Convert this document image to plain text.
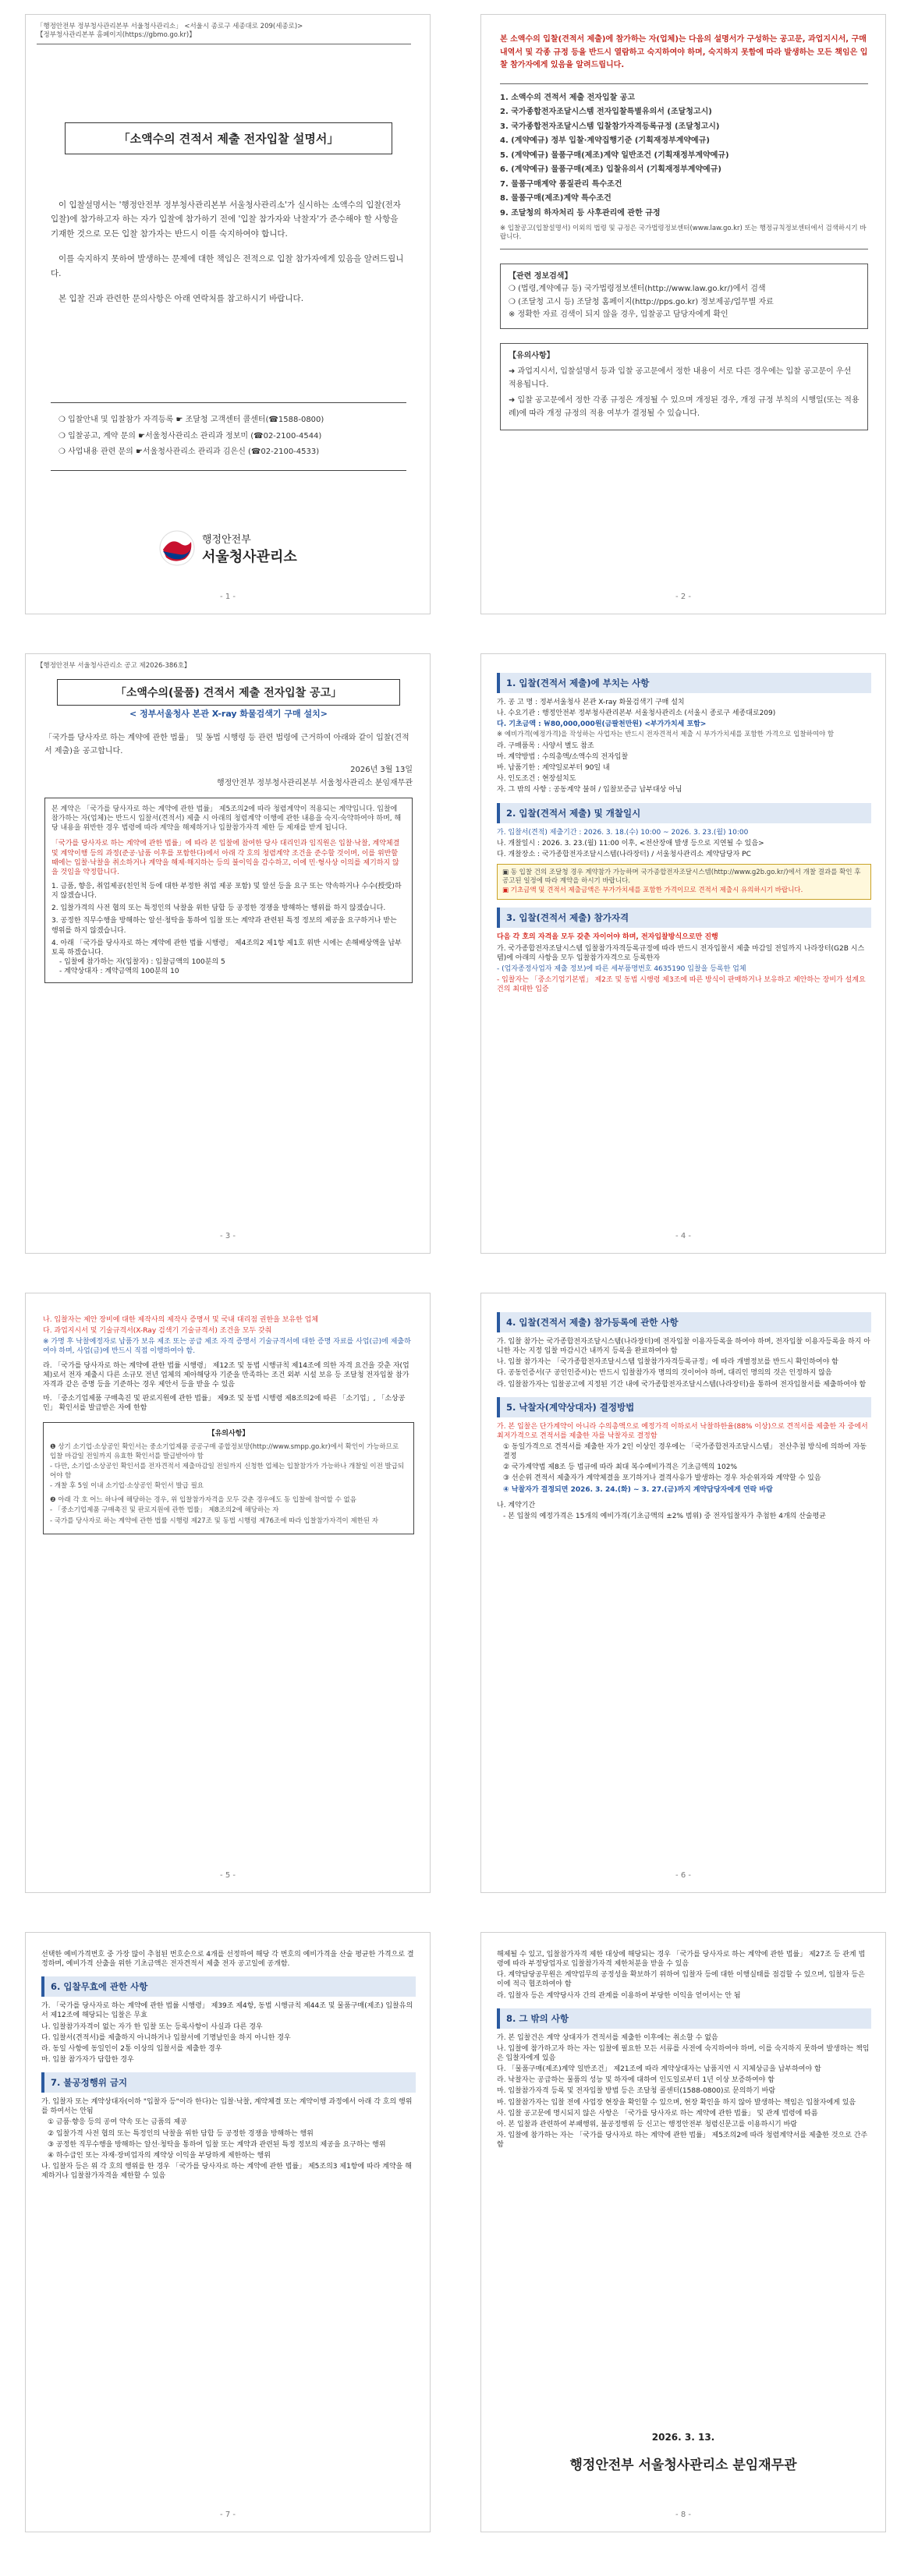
「행정안전부 정부청사관리본부 서울청사관리소」 <서울시 종로구 세종대로 209(세종로)>
【정부청사관리본부 홈페이지(https://gbmo.go.kr)】
「소액수의 견적서 제출 전자입찰 설명서」

이 입찰설명서는 '행정안전부 정부청사관리본부 서울청사관리소'가 실시하는 소액수의 입찰(전자입찰)에 참가하고자 하는 자가 입찰에 참가하기 전에 '입찰 참가자와 낙찰자'가 준수해야 할 사항을 기재한 것으로 모든 입찰 참가자는 반드시 이를 숙지하여야 합니다.

이를 숙지하지 못하여 발생하는 문제에 대한 책임은 전적으로 입찰 참가자에게 있음을 알려드립니다.

본 입찰 건과 관련한 문의사항은 아래 연락처를 참고하시기 바랍니다.

❍ 입찰안내 및 입찰참가 자격등록 ☛ 조달청 고객센터 콜센터(☎1588-0800)
❍ 입찰공고, 계약 문의 ☛서울청사관리소 관리과 정보미 (☎02-2100-4544)
❍ 사업내용 관련 문의 ☛서울청사관리소 관리과 김은신 (☎02-2100-4533)
행정안전부
서울청사관리소
- 1 -

본 소액수의 입찰(견적서 제출)에 참가하는 자(업체)는 다음의 설명서가 구성하는 공고문, 과업지시서, 구매내역서 및 각종 규정 등을 반드시 열람하고 숙지하여야 하며, 숙지하지 못함에 따라 발생하는 모든 책임은 입찰 참가자에게 있음을 알려드립니다.

1. 소액수의 견적서 제출 전자입찰 공고
2. 국가종합전자조달시스템 전자입찰특별유의서 (조달청고시)
3. 국가종합전자조달시스템 입찰참가자격등록규정 (조달청고시)
4. (계약예규) 정부 입찰·계약집행기준 (기획재정부계약예규)
5. (계약예규) 물품구매(제조)계약 일반조건 (기획재정부계약예규)
6. (계약예규) 물품구매(제조) 입찰유의서 (기획재정부계약예규)
7. 물품구매계약 품질관리 특수조건
8. 물품구매(제조)계약 특수조건
9. 조달청의 하자처리 등 사후관리에 관한 규정
※ 입찰공고(입찰설명서) 이외의 법령 및 규정은 국가법령정보센터(www.law.go.kr) 또는 행정규칙정보센터에서 검색하시기 바랍니다.
【관련 정보검색】
❍ (법령,계약예규 등) 국가법령정보센터(http://www.law.go.kr/)에서 검색
❍ (조달청 고시 등) 조달청 홈페이지(http://pps.go.kr) 정보제공/업무별 자료
※ 정확한 자료 검색이 되지 않을 경우, 입찰공고 담당자에게 확인
【유의사항】
➜ 과업지시서, 입찰설명서 등과 입찰 공고문에서 정한 내용이 서로 다른 경우에는 입찰 공고문이 우선 적용됩니다.
➜ 입찰 공고문에서 정한 각종 규정은 개정될 수 있으며 개정된 경우, 개정 규정 부칙의 시행일(또는 적용례)에 따라 개정 규정의 적용 여부가 결정될 수 있습니다.
- 2 -
【행정안전부 서울청사관리소 공고 제2026-386호】
「소액수의(물품) 견적서 제출 전자입찰 공고」
< 정부서울청사 본관 X-ray 화물검색기 구매 설치>

「국가를 당사자로 하는 계약에 관한 법률」 및 동법 시행령 등 관련 법령에 근거하여 아래와 같이 입찰(견적서 제출)을 공고합니다.

2026년 3월 13일

행정안전부 정부청사관리본부 서울청사관리소 분임재무관

본 계약은 「국가를 당사자로 하는 계약에 관한 법률」 제5조의2에 따라 청렴계약이 적용되는 계약입니다. 입찰에 참가하는 자(업체)는 반드시 입찰서(견적서) 제출 시 아래의 청렴계약 이행에 관한 내용을 숙지·숙약하여야 하며, 해당 내용을 위반한 경우 법령에 따라 계약을 해제하거나 입찰참가자격 제한 등 제재를 받게 됩니다.

「국가를 당사자로 하는 계약에 관한 법률」에 따라 본 입찰에 참여한 당사 대리인과 임직원은 입찰·낙찰, 계약체결 및 계약이행 등의 과정(준공·납품 이후를 포함한다)에서 아래 각 호의 청렴계약 조건을 준수할 것이며, 이를 위반할 때에는 입찰·낙찰을 취소하거나 계약을 해제·해지하는 등의 불이익을 감수하고, 이에 민·형사상 이의를 제기하지 않을 것임을 약정합니다.

1. 금품, 향응, 취업제공(친인척 등에 대한 부정한 취업 제공 포함) 및 알선 등을 요구 또는 약속하거나 수수(授受)하지 않겠습니다.

2. 입찰가격의 사전 협의 또는 특정인의 낙찰을 위한 담합 등 공정한 경쟁을 방해하는 행위를 하지 않겠습니다.

3. 공정한 직무수행을 방해하는 알선·청탁을 통하여 입찰 또는 계약과 관련된 특정 정보의 제공을 요구하거나 받는 행위를 하지 않겠습니다.

4. 아래 「국가를 당사자로 하는 계약에 관한 법률 시행령」 제4조의2 제1항 제1호 위반 시에는 손해배상액을 납부토록 하겠습니다.

- 입찰에 참가하는 자(입찰자) : 입찰금액의 100분의 5

- 계약상대자 : 계약금액의 100분의 10

- 3 -
1. 입찰(견적서 제출)에 부치는 사항
가. 공 고 명 : 정부서울청사 본관 X-ray 화물검색기 구매 설치
나. 수요기관 : 행정안전부 정부청사관리본부 서울청사관리소 (서울시 종로구 세종대로209)
다. 기초금액 : ￦80,000,000원(금팔천만원) <부가가치세 포함>
※ 예비가격(예정가격)을 작성하는 사업자는 반드시 전자견적서 제출 시 부가가치세를 포함한 가격으로 입찰하여야 함
라. 구매품목 : 사양서 별도 참조
마. 계약방법 : 수의총액/소액수의 전자입찰
바. 납품기한 : 계약일로부터 90일 내
사. 인도조건 : 현장설치도
자. 그 밖의 사항 : 공동계약 불허 / 입찰보증금 납부대상 아님
2. 입찰(견적서 제출) 및 개찰일시
가. 입찰서(견적) 제출기간 : 2026. 3. 18.(수) 10:00 ~ 2026. 3. 23.(월) 10:00
나. 개찰일시 : 2026. 3. 23.(월) 11:00 이후, <전산장애 발생 등으로 지연될 수 있음>
다. 개찰장소 : 국가종합전자조달시스템(나라장터) / 서울청사관리소 계약담당자 PC
▣ 동 입찰 건의 조달청 경우 계약참가 가능하며 국가종합전자조달시스템(http://www.g2b.go.kr/)에서 개찰 결과를 확인 후 공고된 일정에 따라 계약을 하시기 바랍니다.
▣ 기초금액 및 견적서 제출금액은 부가가치세를 포함한 가격이므로 견적서 제출시 유의하시기 바랍니다.
3. 입찰(견적서 제출) 참가자격
다음 각 호의 자격을 모두 갖춘 자이어야 하며, 전자입찰방식으로만 진행
가. 국가종합전자조달시스템 입찰참가자격등록규정에 따라 반드시 전자입찰서 제출 마감일 전일까지 나라장터(G2B 시스템)에 아래의 사항을 모두 입찰참가자격으로 등록한자
- (업자종정사업자 제출 정보)에 따른 세부품명번호 4635190 입찰을 등록한 업체
- 입찰자는 「중소기업기본법」 제2조 및 동법 시행령 제3조에 따른 방식이 판매하거나 보유하고 제안하는 장비가 설계요건의 최대한 입증
- 4 -
나. 입찰자는 제안 장비에 대한 제작사의 제작사 증명서 및 국내 대리점 권한을 보유한 업체
다. 과업지시서 및 기술규격서(X-Ray 검색기 기술규격서) 조건을 모두 갖춰
※ 가명 후 낙찰예정자로 납품가 보유 제조 또는 공급 제조 자격 증명서 기술규격서에 대한 증명 자료를 사업(금)에 제출하여야 하며, 사업(금)에 반드시 직접 이행하여야 함.
라. 「국가를 당사자로 하는 계약에 관한 법률 시행령」 제12조 및 동법 시행규칙 제14조에 의한 자격 요건을 갖춘 자(업체)로서 전자 제출시 다른 소규모 전년 업체의 제아해당자 기준을 만족하는 조건 외부 시설 보유 등 조달청 전자입찰 참가 자격과 같은 증명 등을 기준하는 경우 제안서 등을 받을 수 있음
마. 「중소기업제품 구매촉진 및 판로지원에 관한 법률」 제9조 및 동법 시행령 제8조의2에 따른 「소기업」, 「소상공인」 확인서를 발급받은 자에 한함
【유의사항】
❶ 상기 소기업·소상공인 확인서는 중소기업제품 공공구매 종합정보망(http://www.smpp.go.kr)에서 확인이 가능하므로 입찰 마감일 전일까지 유효한 확인서를 발급받아야 함
- 다만, 소기업·소상공인 확인서를 전자견적서 제출마감일 전일까지 신청한 업체는 입찰참가가 가능하나 개찰일 이전 발급되어야 함
- 개찰 후 5일 이내 소기업·소상공인 확인서 발급 필요
❷ 아래 각 호 어느 하나에 해당하는 경우, 위 입찰참가자격을 모두 갖춘 경우에도 동 입찰에 참여할 수 없음
- 「중소기업제품 구매촉진 및 판로지원에 관한 법률」 제8조의2에 해당하는 자
- 국가를 당사자로 하는 계약에 관한 법률 시행령 제27조 및 동법 시행령 제76조에 따라 입찰참가자격이 제한된 자
- 5 -
4. 입찰(견적서 제출) 참가등록에 관한 사항
가. 입찰 참가는 국가종합전자조달시스템(나라장터)에 전자입찰 이용자등록을 하여야 하며, 전자입찰 이용자등록을 하지 아니한 자는 지정 입찰 마감시간 내까지 등록을 완료하여야 함
나. 입찰 참가자는 「국가종합전자조달시스템 입찰참가자격등록규정」에 따라 개별정보를 반드시 확인하여야 함
다. 공동인증서(구 공인인증서)는 반드시 입찰참가자 명의의 것이어야 하며, 대리인 명의의 것은 인정하지 않음
라. 입찰참가자는 입찰공고에 지정된 기간 내에 국가종합전자조달시스템(나라장터)을 통하여 전자입찰서를 제출하여야 함
5. 낙찰자(계약상대자) 결정방법
가. 본 입찰은 단가계약이 아니라 수의총액으로 예정가격 이하로서 낙찰하한율(88% 이상)으로 견적서를 제출한 자 중에서 최저가격으로 견적서를 제출한 자를 낙찰자로 결정함
① 동일가격으로 견적서를 제출한 자가 2인 이상인 경우에는 「국가종합전자조달시스템」 전산추첨 방식에 의하여 자동 결정
② 국가계약법 제8조 등 법규에 따라 최대 복수예비가격은 기초금액의 102%
③ 선순위 견적서 제출자가 계약체결을 포기하거나 결격사유가 발생하는 경우 차순위자와 계약할 수 있음
④ 낙찰자가 결정되면 2026. 3. 24.(화) ~ 3. 27.(금)까지 계약담당자에게 연락 바람
나. 계약기간
- 본 입찰의 예정가격은 15개의 예비가격(기초금액의 ±2% 범위) 중 전자입찰자가 추첨한 4개의 산술평균
- 6 -
선택한 예비가격번호 중 가장 많이 추첨된 번호순으로 4개를 선정하여 해당 각 번호의 예비가격을 산술 평균한 가격으로 결정하며, 예비가격 산출을 위한 기초금액은 전자견적서 제출 전자 공고일에 공개함.
6. 입찰무효에 관한 사항
가. 「국가를 당사자로 하는 계약에 관한 법률 시행령」 제39조 제4항, 동법 시행규칙 제44조 및 물품구매(제조) 입찰유의서 제12조에 해당되는 입찰은 무효
나. 입찰참가자격이 없는 자가 한 입찰 또는 등록사항이 사실과 다른 경우
다. 입찰서(견적서)를 제출하지 아니하거나 입찰서에 기명날인을 하지 아니한 경우
라. 동일 사항에 동일인이 2통 이상의 입찰서를 제출한 경우
마. 입찰 참가자가 담합한 경우
7. 불공정행위 금지
가. 입찰자 또는 계약상대자(이하 "입찰자 등"이라 한다)는 입찰·낙찰, 계약체결 또는 계약이행 과정에서 아래 각 호의 행위를 하여서는 안됨
① 금품·향응 등의 공여 약속 또는 금품의 제공
② 입찰가격 사전 협의 또는 특정인의 낙찰을 위한 담합 등 공정한 경쟁을 방해하는 행위
③ 공정한 직무수행을 방해하는 알선·청탁을 통하여 입찰 또는 계약과 관련된 특정 정보의 제공을 요구하는 행위
④ 하수급인 또는 자재·장비업자의 계약상 이익을 부당하게 제한하는 행위
나. 입찰자 등은 위 각 호의 행위를 한 경우 「국가를 당사자로 하는 계약에 관한 법률」 제5조의3 제1항에 따라 계약을 해제하거나 입찰참가자격을 제한할 수 있음
- 7 -
해제될 수 있고, 입찰참가자격 제한 대상에 해당되는 경우 「국가를 당사자로 하는 계약에 관한 법률」 제27조 등 관계 법령에 따라 부정당업자로 입찰참가자격 제한처분을 받을 수 있음
다. 계약담당공무원은 계약업무의 공정성을 확보하기 위하여 입찰자 등에 대한 이행실태를 점검할 수 있으며, 입찰자 등은 이에 적극 협조하여야 함
라. 입찰자 등은 계약당사자 간의 관계를 이용하여 부당한 이익을 얻어서는 안 됨
8. 그 밖의 사항
가. 본 입찰건은 계약 상대자가 견적서를 제출한 이후에는 취소할 수 없음
나. 입찰에 참가하고자 하는 자는 입찰에 필요한 모든 서류를 사전에 숙지하여야 하며, 이를 숙지하지 못하여 발생하는 책임은 입찰자에게 있음
다. 「물품구매(제조)계약 일반조건」 제21조에 따라 계약상대자는 납품지연 시 지체상금을 납부하여야 함
라. 낙찰자는 공급하는 물품의 성능 및 하자에 대하여 인도일로부터 1년 이상 보증하여야 함
마. 입찰참가자격 등록 및 전자입찰 방법 등은 조달청 콜센터(1588-0800)로 문의하기 바람
바. 입찰참가자는 입찰 전에 사업장 현장을 확인할 수 있으며, 현장 확인을 하지 않아 발생하는 책임은 입찰자에게 있음
사. 입찰 공고문에 명시되지 않은 사항은 「국가를 당사자로 하는 계약에 관한 법률」 및 관계 법령에 따름
아. 본 입찰과 관련하여 부패행위, 불공정행위 등 신고는 행정안전부 청렴신문고를 이용하시기 바람
자. 입찰에 참가하는 자는 「국가를 당사자로 하는 계약에 관한 법률」 제5조의2에 따라 청렴계약서를 제출한 것으로 간주함
2026. 3. 13.
행정안전부 서울청사관리소 분임재무관
- 8 -
